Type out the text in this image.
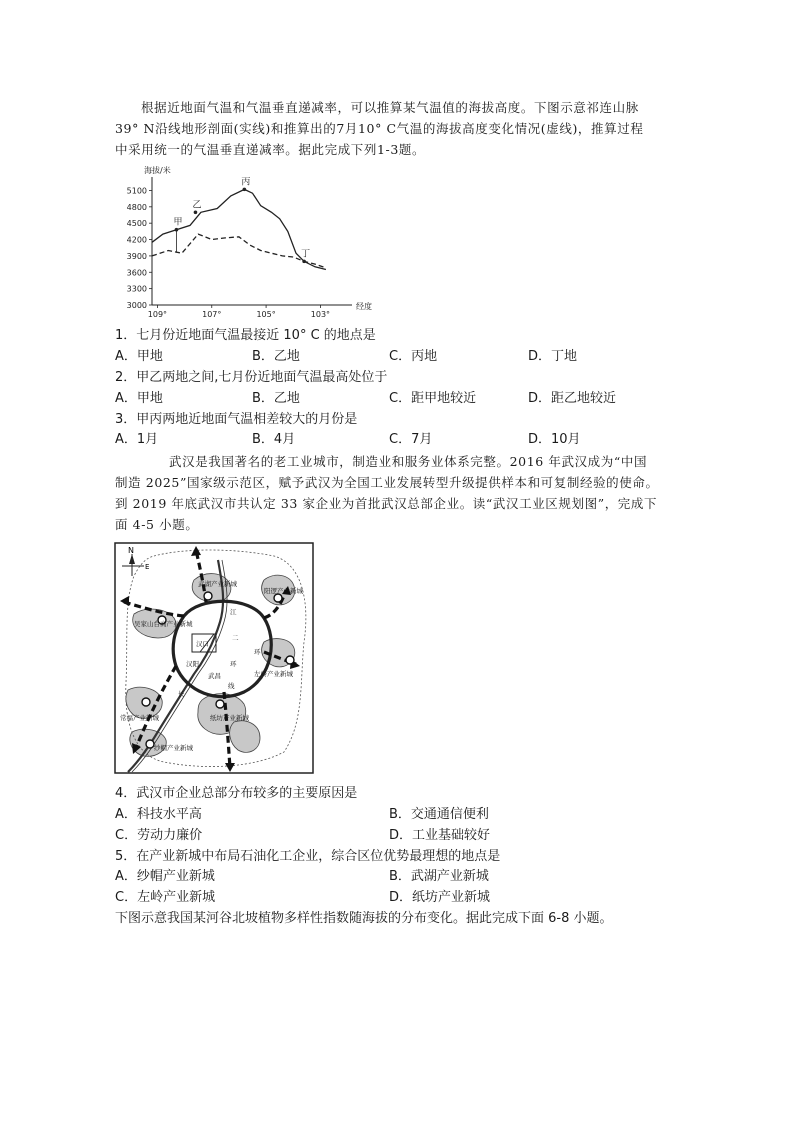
根据近地面气温和气温垂直递减率，可以推算某气温值的海拔高度。下图示意祁连山脉
39° N沿线地形剖面(实线)和推算出的7月10° C气温的海拔高度变化情况(虚线)，推算过程
中采用统一的气温垂直递减率。据此完成下列1-3题。
海拔/米
经度
3000
3300
3600
3900
4200
4500
4800
5100
109°	107°	105°	103°
甲
乙
丙
丁
1．七月份近地面气温最接近 10° C 的地点是
A．甲地	B．乙地	C．丙地	D．丁地
2．甲乙两地之间,七月份近地面气温最高处位于
A．甲地	B．乙地	C．距甲地较近	D．距乙地较近
3．甲丙两地近地面气温相差较大的月份是
A．1月	B．4月	C．7月	D．10月
武汉是我国著名的老工业城市，制造业和服务业体系完整。2016 年武汉成为“中国
制造 2025”国家级示范区，赋予武汉为全国工业发展转型升级提供样本和可复制经验的使命。
到 2019 年底武汉市共认定 33 家企业为首批武汉总部企业。读“武汉工业区规划图”，完成下
面 4-5 小题。
N
E
武湖产业新城
阳逻产业新城
吴家山台商产业新城
汉口
汉阳
武昌	左岭产业新城
常福产业新城	纸坊产业新城
纱帽产业新城
江
长
环
线
二
环
4．武汉市企业总部分布较多的主要原因是
A．科技水平高	B．交通通信便利
C．劳动力廉价	D．工业基础较好
5．在产业新城中布局石油化工企业，综合区位优势最理想的地点是
A．纱帽产业新城	B．武湖产业新城
C．左岭产业新城	D．纸坊产业新城
下图示意我国某河谷北坡植物多样性指数随海拔的分布变化。据此完成下面 6-8 小题。
